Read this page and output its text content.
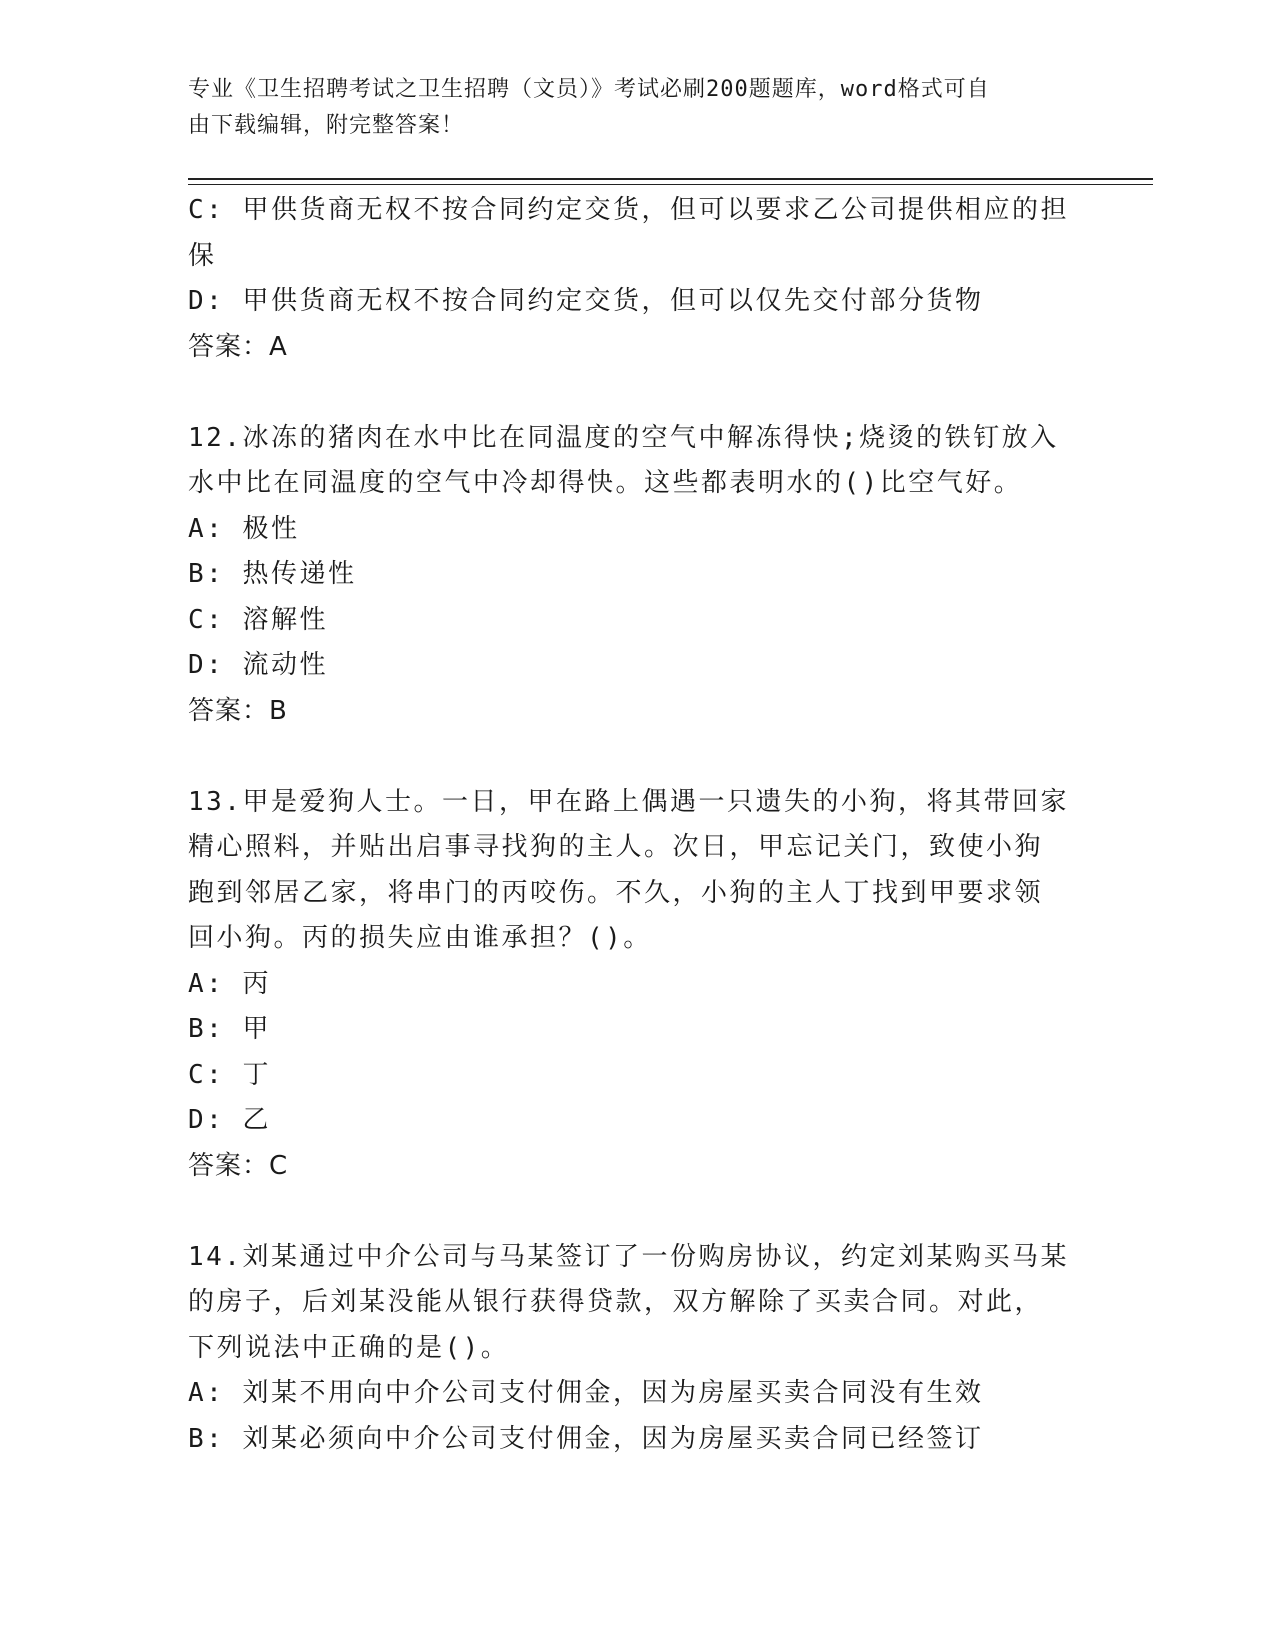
专业《卫生招聘考试之卫生招聘（文员）》考试必刷200题题库，word格式可自
由下载编辑，附完整答案！

C: 甲供货商无权不按合同约定交货，但可以要求乙公司提供相应的担

保

D: 甲供货商无权不按合同约定交货，但可以仅先交付部分货物

答案：A

12.冰冻的猪肉在水中比在同温度的空气中解冻得快;烧烫的铁钉放入

水中比在同温度的空气中冷却得快。这些都表明水的()比空气好。

A: 极性

B: 热传递性

C: 溶解性

D: 流动性

答案：B

13.甲是爱狗人士。一日，甲在路上偶遇一只遗失的小狗，将其带回家

精心照料，并贴出启事寻找狗的主人。次日，甲忘记关门，致使小狗

跑到邻居乙家，将串门的丙咬伤。不久，小狗的主人丁找到甲要求领

回小狗。丙的损失应由谁承担？()。

A: 丙

B: 甲

C: 丁

D: 乙

答案：C

14.刘某通过中介公司与马某签订了一份购房协议，约定刘某购买马某

的房子，后刘某没能从银行获得贷款，双方解除了买卖合同。对此，

下列说法中正确的是()。

A: 刘某不用向中介公司支付佣金，因为房屋买卖合同没有生效

B: 刘某必须向中介公司支付佣金，因为房屋买卖合同已经签订
